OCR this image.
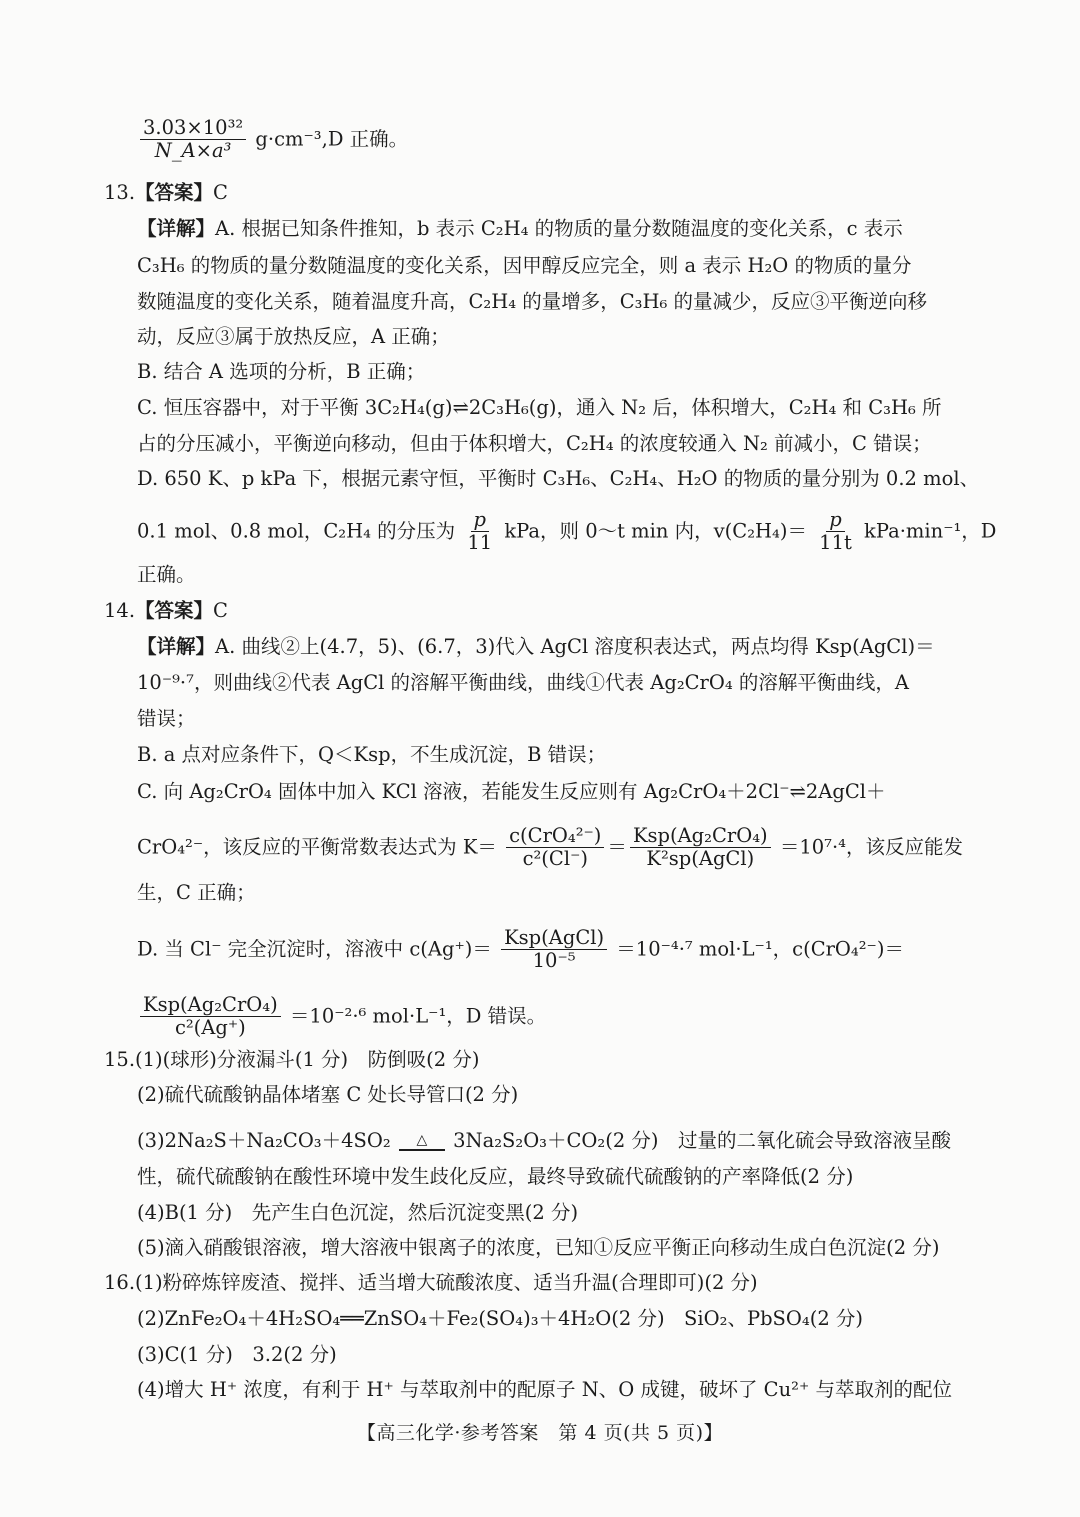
$\frac{\text{3.03×10³²}}{\text{N\_A×a³}} g\cdot cm^{-3},D$ 正确。
13.【答案】C
【详解】A. 根据已知条件推知，b 表示 C₂H₄ 的物质的量分数随温度的变化关系，c 表示
C₃H₆ 的物质的量分数随温度的变化关系，因甲醇反应完全，则 a 表示 H₂O 的物质的量分
数随温度的变化关系，随着温度升高，C₂H₄ 的量增多，C₃H₆ 的量减少，反应③平衡逆向移
动，反应③属于放热反应，A 正确；
B. 结合 A 选项的分析，B 正确；
C. 恒压容器中，对于平衡 3C₂H₄(g)⇌2C₃H₆(g)，通入 N₂ 后，体积增大，C₂H₄ 和 C₃H₆ 所
占的分压减小，平衡逆向移动，但由于体积增大，C₂H₄ 的浓度较通入 N₂ 前减小，C 错误；
D. 650 K、p kPa 下，根据元素守恒，平衡时 C₃H₆、C₂H₄、H₂O 的物质的量分别为 0.2 mol、
0.1 mol、0.8 mol，C₂H₄ 的分压为 $\frac{p}{11}$ kPa，则 0～t min 内，$v(C_2H_4)= \frac{p}{11t} kPa\cdot\min^{-1}$，D
正确。
14.【答案】C
【详解】A. 曲线②上(4.7，5)、(6.7，3)代入 AgCl 溶度积表达式，两点均得 Ksp(AgCl)＝
10⁻⁹·⁷，则曲线②代表 AgCl 的溶解平衡曲线，曲线①代表 Ag₂CrO₄ 的溶解平衡曲线，A
错误；
B. a 点对应条件下，Q＜Ksp，不生成沉淀，B 错误；
C. 向 Ag₂CrO₄ 固体中加入 KCl 溶液，若能发生反应则有 Ag₂CrO₄＋2Cl⁻⇌2AgCl＋
CrO₄²⁻，该反应的平衡常数表达式为 $K= \frac{\text{c(CrO₄²⁻)}}{\text{c²(Cl⁻)}} = \frac{\text{Ksp(Ag₂CrO₄)}}{\text{K²sp(AgCl)}} =10^7\cdot^4$，该反应能发
生，C 正确；
D. 当 Cl⁻ 完全沉淀时，溶液中 $c(Ag^+)= \frac{\text{Ksp(AgCl)}}{\text{10⁻⁵}} =10^{-4}\cdot^7$ mol·L⁻¹，c(CrO₄²⁻)＝
$\frac{\text{Ksp(Ag₂CrO₄)}}{\text{c²(Ag⁺)}} =10^{-2}\cdot^6$ mol·L⁻¹，D 错误。
15.(1)(球形)分液漏斗(1 分)　防倒吸(2 分)
(2)硫代硫酸钠晶体堵塞 C 处长导管口(2 分)
(3)2Na₂S＋Na₂CO₃＋4SO₂ △ 3Na₂S₂O₃＋CO₂(2 分)　过量的二氧化硫会导致溶液呈酸
性，硫代硫酸钠在酸性环境中发生歧化反应，最终导致硫代硫酸钠的产率降低(2 分)
(4)B(1 分)　先产生白色沉淀，然后沉淀变黑(2 分)
(5)滴入硝酸银溶液，增大溶液中银离子的浓度，已知①反应平衡正向移动生成白色沉淀(2 分)
16.(1)粉碎炼锌废渣、搅拌、适当增大硫酸浓度、适当升温(合理即可)(2 分)
(2)ZnFe₂O₄＋4H₂SO₄══ZnSO₄＋Fe₂(SO₄)₃＋4H₂O(2 分)　SiO₂、PbSO₄(2 分)
(3)C(1 分)　3.2(2 分)
(4)增大 H⁺ 浓度，有利于 H⁺ 与萃取剂中的配原子 N、O 成键，破坏了 Cu²⁺ 与萃取剂的配位
【高三化学·参考答案　第 4 页(共 5 页)】
